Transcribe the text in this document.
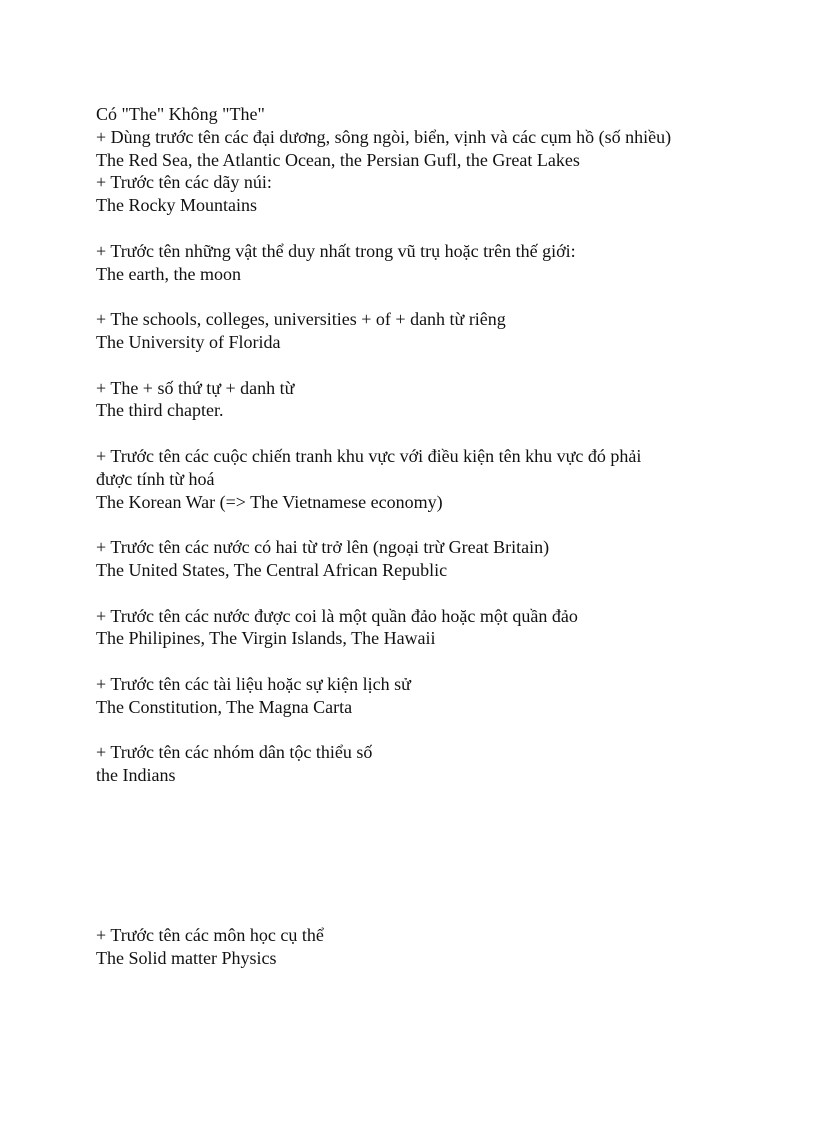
Có "The" Không "The"
+ Dùng trước tên các đại dương, sông ngòi, biển, vịnh và các cụm hồ (số nhiều)
The Red Sea, the Atlantic Ocean, the Persian Gufl, the Great Lakes
+ Trước tên các dãy núi:
The Rocky Mountains
+ Trước tên những vật thể duy nhất trong vũ trụ hoặc trên thế giới:
The earth, the moon
+ The schools, colleges, universities + of + danh từ riêng
The University of Florida
+ The + số thứ tự + danh từ
The third chapter.
+ Trước tên các cuộc chiến tranh khu vực với điều kiện tên khu vực đó phải
được tính từ hoá
The Korean War (=> The Vietnamese economy)
+ Trước tên các nước có hai từ trở lên (ngoại trừ Great Britain)
The United States, The Central African Republic
+ Trước tên các nước được coi là một quần đảo hoặc một quần đảo
The Philipines, The Virgin Islands, The Hawaii
+ Trước tên các tài liệu hoặc sự kiện lịch sử
The Constitution, The Magna Carta
+ Trước tên các nhóm dân tộc thiểu số
the Indians
+ Trước tên các môn học cụ thể
The Solid matter Physics
